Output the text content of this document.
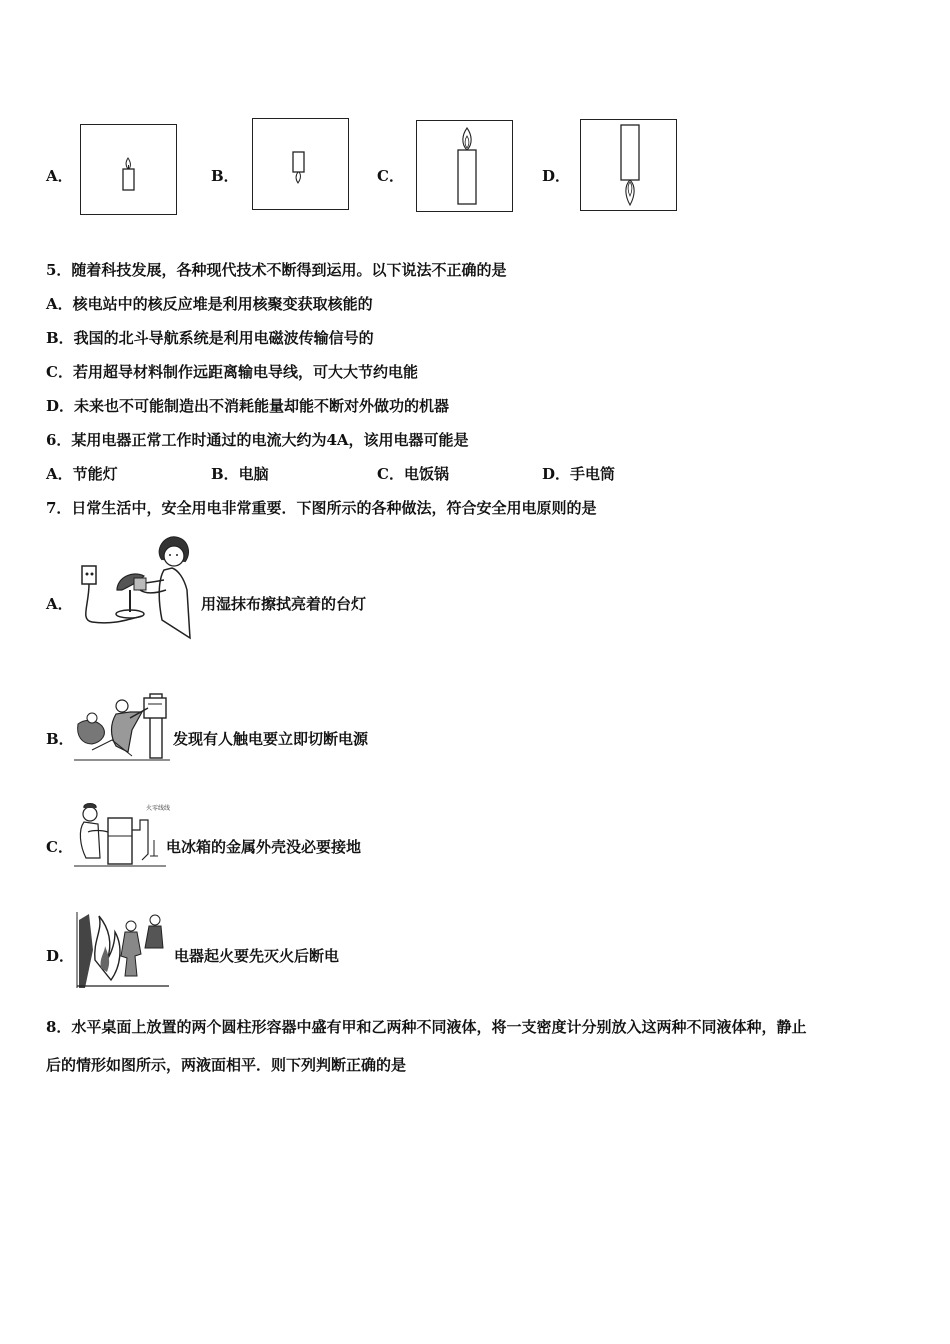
A．	B．	C．	D．
5．随着科技发展，各种现代技术不断得到运用。以下说法不正确的是
A．核电站中的核反应堆是利用核聚变获取核能的
B．我国的北斗导航系统是利用电磁波传输信号的
C．若用超导材料制作远距离输电导线，可大大节约电能
D．未来也不可能制造出不消耗能量却能不断对外做功的机器
6．某用电器正常工作时通过的电流大约为4A，该用电器可能是
A．节能灯	B．电脑	C．电饭锅	D．手电筒
7．日常生活中，安全用电非常重要．下图所示的各种做法，符合安全用电原则的是
A．	用湿抹布擦拭亮着的台灯
B．	发现有人触电要立即切断电源
C．
火零线线
电冰箱的金属外壳没必要接地
D．	电器起火要先灭火后断电
8．水平桌面上放置的两个圆柱形容器中盛有甲和乙两种不同液体，将一支密度计分别放入这两种不同液体种，静止
后的情形如图所示，两液面相平．则下列判断正确的是
